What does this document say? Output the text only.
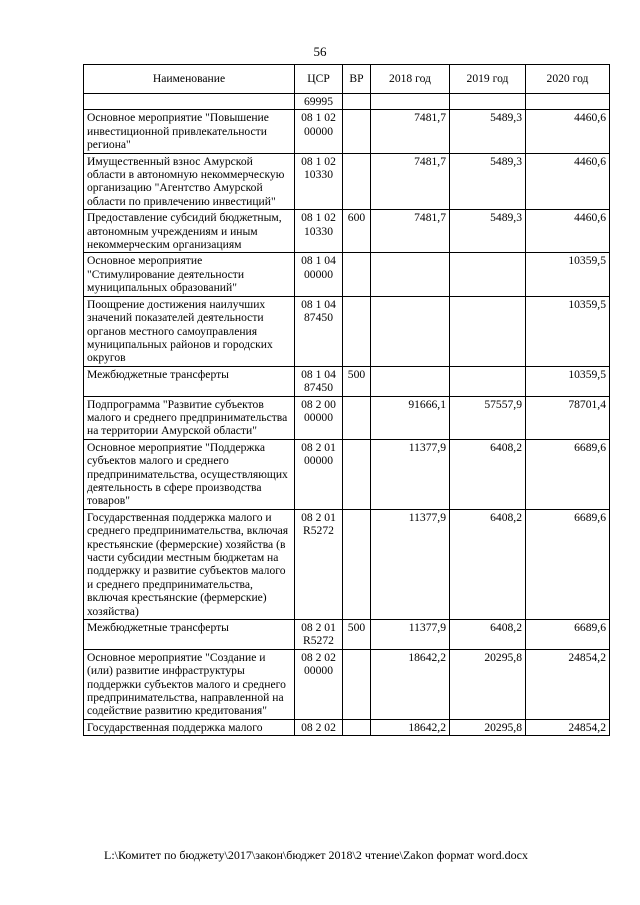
56
Наименование	ЦСР	ВР	2018 год	2019 год	2020 год
	69995				
Основное мероприятие "Повышение инвестиционной привлекательности региона"	08 1 02 00000		7481,7	5489,3	4460,6
Имущественный взнос Амурской области в автономную некоммерческую организацию "Агентство Амурской области по привлечению инвестиций"	08 1 02 10330		7481,7	5489,3	4460,6
Предоставление субсидий бюджетным, автономным учреждениям и иным некоммерческим организациям	08 1 02 10330	600	7481,7	5489,3	4460,6
Основное мероприятие "Стимулирование деятельности муниципальных образований"	08 1 04 00000				10359,5
Поощрение достижения наилучших значений показателей деятельности органов местного самоуправления муниципальных районов и городских округов	08 1 04 87450				10359,5
Межбюджетные трансферты	08 1 04 87450	500			10359,5
Подпрограмма "Развитие субъектов малого и среднего предпринимательства на территории Амурской области"	08 2 00 00000		91666,1	57557,9	78701,4
Основное мероприятие "Поддержка субъектов малого и среднего предпринимательства, осуществляющих деятельность в сфере производства товаров"	08 2 01 00000		11377,9	6408,2	6689,6
Государственная поддержка малого и среднего предпринимательства, включая крестьянские (фермерские) хозяйства (в части субсидии местным бюджетам на поддержку и развитие субъектов малого и среднего предпринимательства, включая крестьянские (фермерские) хозяйства)	08 2 01 R5272		11377,9	6408,2	6689,6
Межбюджетные трансферты	08 2 01 R5272	500	11377,9	6408,2	6689,6
Основное мероприятие "Создание и (или) развитие инфраструктуры поддержки субъектов малого и среднего предпринимательства, направленной на содействие развитию кредитования"	08 2 02 00000		18642,2	20295,8	24854,2
Государственная поддержка малого	08 2 02		18642,2	20295,8	24854,2
L:\Комитет по бюджету\2017\закон\бюджет 2018\2 чтение\Zakon формат word.docx
